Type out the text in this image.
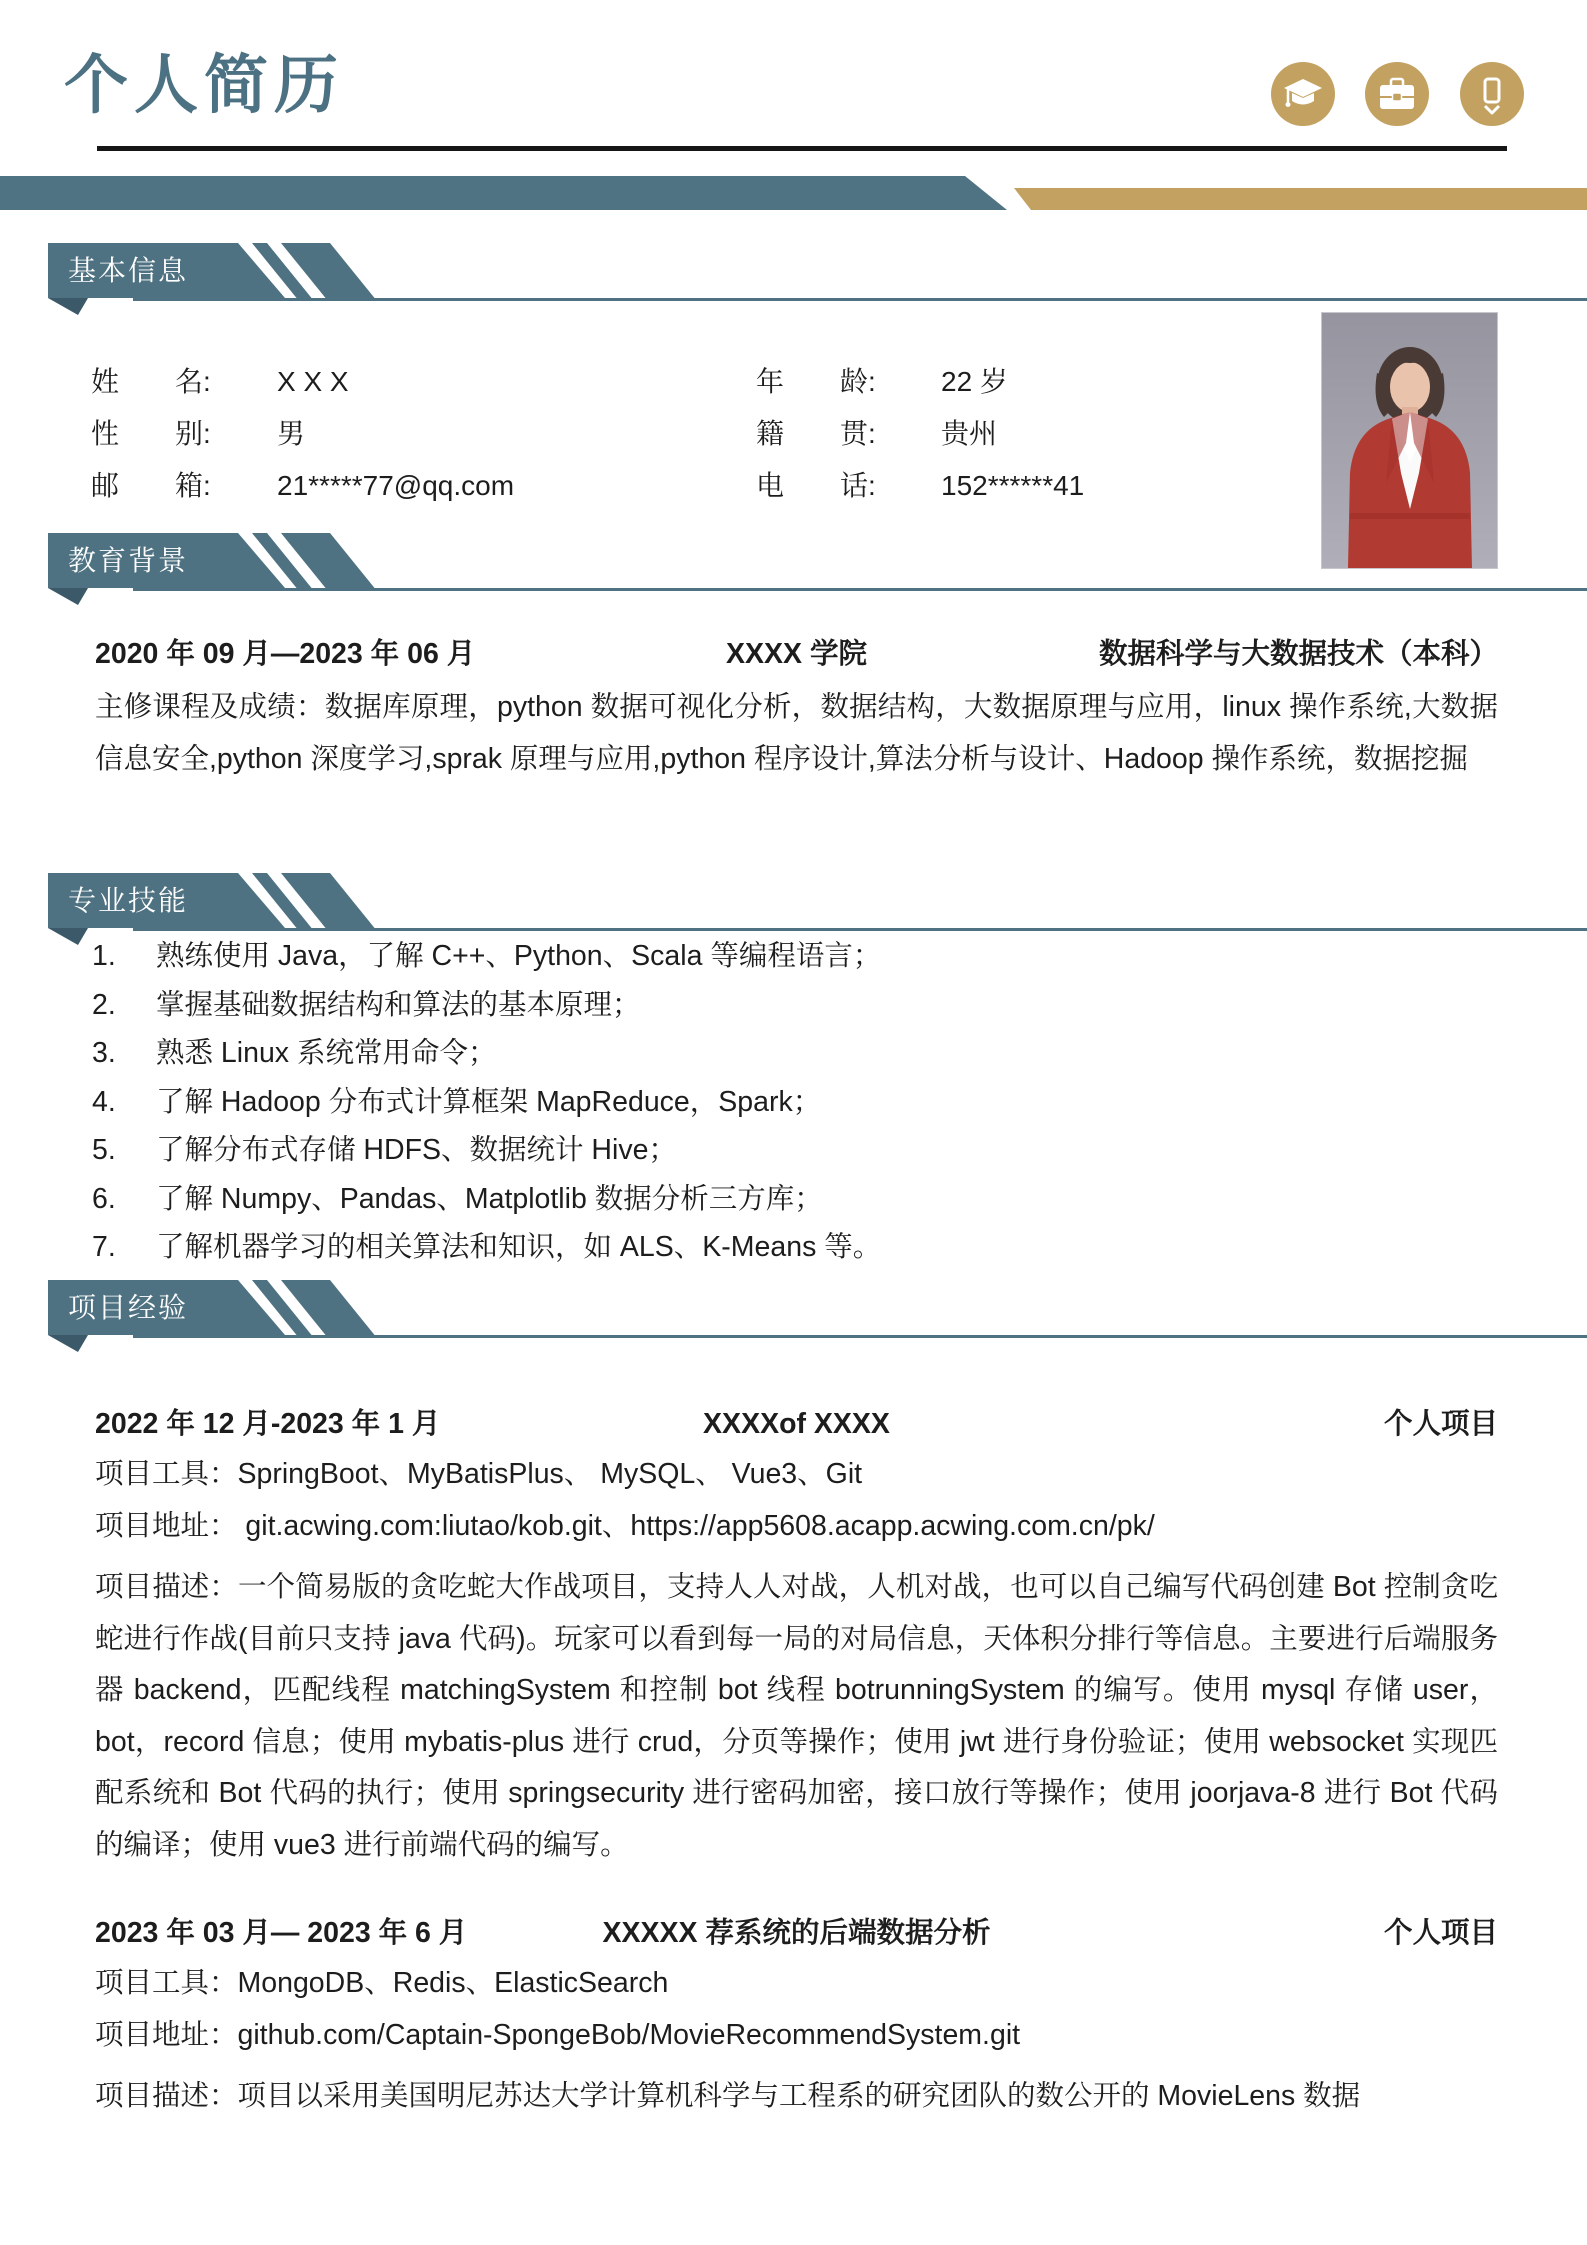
个人简历
基本信息
教育背景
专业技能
项目经验
姓　　名: X X X
性　　别: 男
邮　　箱: 21*****77@qq.com
年　　龄: 22 岁
籍　　贯: 贵州
电　　话: 152******41
2020 年 09 月—2023 年 06 月	XXXX 学院	数据科学与大数据技术（本科）
主修课程及成绩：数据库原理，python 数据可视化分析，数据结构，大数据原理与应用，linux 操作系统,大数据信息安全,python 深度学习,sprak 原理与应用,python 程序设计,算法分析与设计、Hadoop 操作系统，数据挖掘
1. 熟练使用 Java，了解 C++、Python、Scala 等编程语言；
2. 掌握基础数据结构和算法的基本原理；
3. 熟悉 Linux 系统常用命令；
4. 了解 Hadoop 分布式计算框架 MapReduce，Spark；
5. 了解分布式存储 HDFS、数据统计 Hive；
6. 了解 Numpy、Pandas、Matplotlib 数据分析三方库；
7. 了解机器学习的相关算法和知识，如 ALS、K-Means 等。
2022 年 12 月-2023 年 1 月	XXXXof XXXX	个人项目
项目工具：SpringBoot、MyBatisPlus、 MySQL、 Vue3、Git
项目地址： git.acwing.com:liutao/kob.git、https://app5608.acapp.acwing.com.cn/pk/
项目描述：一个简易版的贪吃蛇大作战项目，支持人人对战，人机对战，也可以自己编写代码创建 Bot 控制贪吃蛇进行作战(目前只支持 java 代码)。玩家可以看到每一局的对局信息，天体积分排行等信息。主要进行后端服务器 backend，匹配线程 matchingSystem 和控制 bot 线程 botrunningSystem 的编写。使用 mysql 存储 user，bot，record 信息；使用 mybatis-plus 进行 crud，分页等操作；使用 jwt 进行身份验证；使用 websocket 实现匹配系统和 Bot 代码的执行；使用 springsecurity 进行密码加密，接口放行等操作；使用 joorjava-8 进行 Bot 代码的编译；使用 vue3 进行前端代码的编写。
2023 年 03 月— 2023 年 6 月	XXXXX 荐系统的后端数据分析	个人项目
项目工具：MongoDB、Redis、ElasticSearch
项目地址：github.com/Captain-SpongeBob/MovieRecommendSystem.git
项目描述：项目以采用美国明尼苏达大学计算机科学与工程系的研究团队的数公开的 MovieLens 数据
